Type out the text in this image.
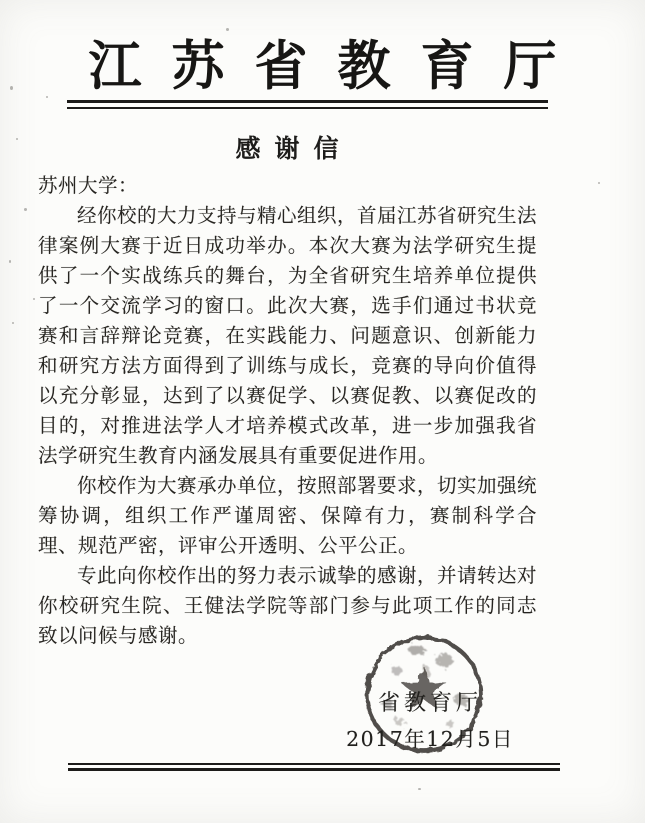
江苏省教育厅
感谢信

苏州大学：

经你校的大力支持与精心组织，首届江苏省研究生法律案例大赛于近日成功举办。本次大赛为法学研究生提供了一个实战练兵的舞台，为全省研究生培养单位提供了一个交流学习的窗口。此次大赛，选手们通过书状竞赛和言辞辩论竞赛，在实践能力、问题意识、创新能力和研究方法方面得到了训练与成长，竞赛的导向价值得以充分彰显，达到了以赛促学、以赛促教、以赛促改的目的，对推进法学人才培养模式改革，进一步加强我省法学研究生教育内涵发展具有重要促进作用。

你校作为大赛承办单位，按照部署要求，切实加强统筹协调，组织工作严谨周密、保障有力，赛制科学合理、规范严密，评审公开透明、公平公正。

专此向你校作出的努力表示诚挚的感谢，并请转达对你校研究生院、王健法学院等部门参与此项工作的同志致以问候与感谢。

省教育厅
2017年12月5日
